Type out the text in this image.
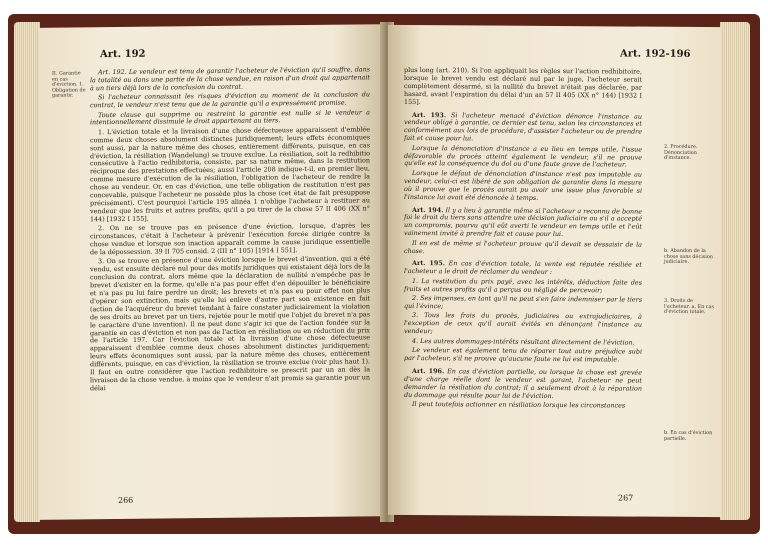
Art. 192
II. Garantie en cas d'éviction. 1. Obligation de garantir.

Art. 192. Le vendeur est tenu de garantir l'acheteur de l'éviction qu'il souffre, dans la totalité ou dans une partie de la chose vendue, en raison d'un droit qui appartenait à un tiers déjà lors de la conclusion du contrat.

Si l'acheteur connaissait les risques d'éviction au moment de la conclusion du contrat, le vendeur n'est tenu que de la garantie qu'il a expressément promise.

Toute clause qui supprime ou restreint la garantie est nulle si le vendeur a intentionnellement dissimulé le droit appartenant au tiers.

1. L'éviction totale et la livraison d'une chose défectueuse apparaissent d'emblée comme deux choses absolument distinctes juridiquement; leurs effets économiques sont aussi, par la nature même des choses, entièrement différents, puisque, en cas d'éviction, la résiliation (Wandelung) se trouve exclue. La résiliation, soit la redhibitio consécutive à l'actio redhibitoria, consiste, par sa nature même, dans la restitution réciproque des prestations effectuées; aussi l'article 208 indique-t-il, en premier lieu, comme mesure d'exécution de la résiliation, l'obligation de l'acheteur de rendre la chose au vendeur. Or, en cas d'éviction, une telle obligation de restitution n'est pas concevable, puisque l'acheteur ne possède plus la chose (cet état de fait présuppose précisément). C'est pourquoi l'article 195 alinéa 1 n'oblige l'acheteur à restituer au vendeur que les fruits et autres profits, qu'il a pu tirer de la chose 57 II 406 (XX n° 144) [1932 I 155].

2. On ne se trouve pas en présence d'une éviction, lorsque, d'après les circonstances, c'était à l'acheteur à prévenir l'exécution forcée dirigée contre la chose vendue et lorsque son inaction apparaît comme la cause juridique essentielle de la dépossession. 39 II 705 consid. 2 (III n° 105) [1914 I 551].

3. On se trouve en présence d'une éviction lorsque le brevet d'invention, qui a été vendu, est ensuite déclaré nul pour des motifs juridiques qui existaient déjà lors de la conclusion du contrat, alors même que la déclaration de nullité n'empêche pas le brevet d'exister en la forme, qu'elle n'a pas pour effet d'en dépouiller le bénéficiaire et n'a pas pu lui faire perdre un droit; les brevets et n'a pas eu pour effet non plus d'opérer son extinction, mais qu'elle lui enlève d'autre part son existence en fait (action de l'acquéreur du brevet tendant à faire constater judiciairement la violation de ses droits au brevet par un tiers, rejetée pour le motif que l'objet du brevet n'a pas le caractère d'une invention). Il ne peut donc s'agir ici que de l'action fondée sur la garantie en cas d'éviction et non pas de l'action en résiliation ou en réduction du prix de l'article 197. Car l'éviction totale et la livraison d'une chose défectueuse apparaissent d'emblée comme deux choses absolument distinctes juridiquement; leurs effets économiques sont aussi, par la nature même des choses, entièrement différents, puisque, en cas d'éviction, la résiliation se trouve exclue (voir plus haut 1). Il faut en outre considérer que l'action redhibitoire se prescrit par un an dès la livraison de la chose vendue, à moins que le vendeur n'ait promis sa garantie pour un délai

266
Art. 192-196

plus long (art. 210). Si l'on appliquait les règles sur l'action redhibitoire, lorsque le brevet vendu est déclaré nul par le juge, l'acheteur serait complètement désarmé, si la nullité du brevet n'était pas déclarée, par hasard, avant l'expiration du délai d'un an 57 II 405 (XX n° 144) [1932 I 155].

Art. 193. Si l'acheteur menacé d'éviction dénonce l'instance au vendeur obligé à garantie, ce dernier est tenu, selon les circonstances et conformément aux lois de procédure, d'assister l'acheteur ou de prendre fait et cause pour lui.

Lorsque la dénonciation d'instance a eu lieu en temps utile, l'issue défavorable du procès atteint également le vendeur, s'il ne prouve qu'elle est la conséquence du dol ou d'une faute grave de l'acheteur.

Lorsque le défaut de dénonciation d'instance n'est pas imputable au vendeur, celui-ci est libéré de son obligation de garantie dans la mesure où il prouve que le procès aurait pu avoir une issue plus favorable si l'instance lui avait été dénoncée à temps.

Art. 194. Il y a lieu à garantie même si l'acheteur a reconnu de bonne foi le droit du tiers sans attendre une décision judiciaire ou s'il a accepté un compromis, pourvu qu'il eût averti le vendeur en temps utile et l'eût vainement invité à prendre fait et cause pour lui.

Il en est de même si l'acheteur prouve qu'il devait se dessaisir de la chose.

Art. 195. En cas d'éviction totale, la vente est réputée résiliée et l'acheteur a le droit de réclamer du vendeur :

1. La restitution du prix payé, avec les intérêts, déduction faite des fruits et autres profits qu'il a perçus ou négligé de percevoir;

2. Ses impenses, en tant qu'il ne peut s'en faire indemniser par le tiers qui l'évince;

3. Tous les frais du procès, judiciaires ou extrajudiciaires, à l'exception de ceux qu'il aurait évités en dénonçant l'instance au vendeur;

4. Les autres dommages-intérêts résultant directement de l'éviction.

Le vendeur est également tenu de réparer tout autre préjudice subi par l'acheteur, s'il ne prouve qu'aucune faute ne lui est imputable.

Art. 196. En cas d'éviction partielle, ou lorsque la chose est grevée d'une charge réelle dont le vendeur est garant, l'acheteur ne peut demander la résiliation du contrat; il a seulement droit à la réparation du dommage qui résulte pour lui de l'éviction.

Il peut toutefois actionner en résiliation lorsque les circonstances

2. Procédure. Dénonciation d'instance.
b. Abandon de la chose sans décision judiciaire.
3. Droits de l'acheteur. a. En cas d'éviction totale.
b. En cas d'éviction partielle.
267
